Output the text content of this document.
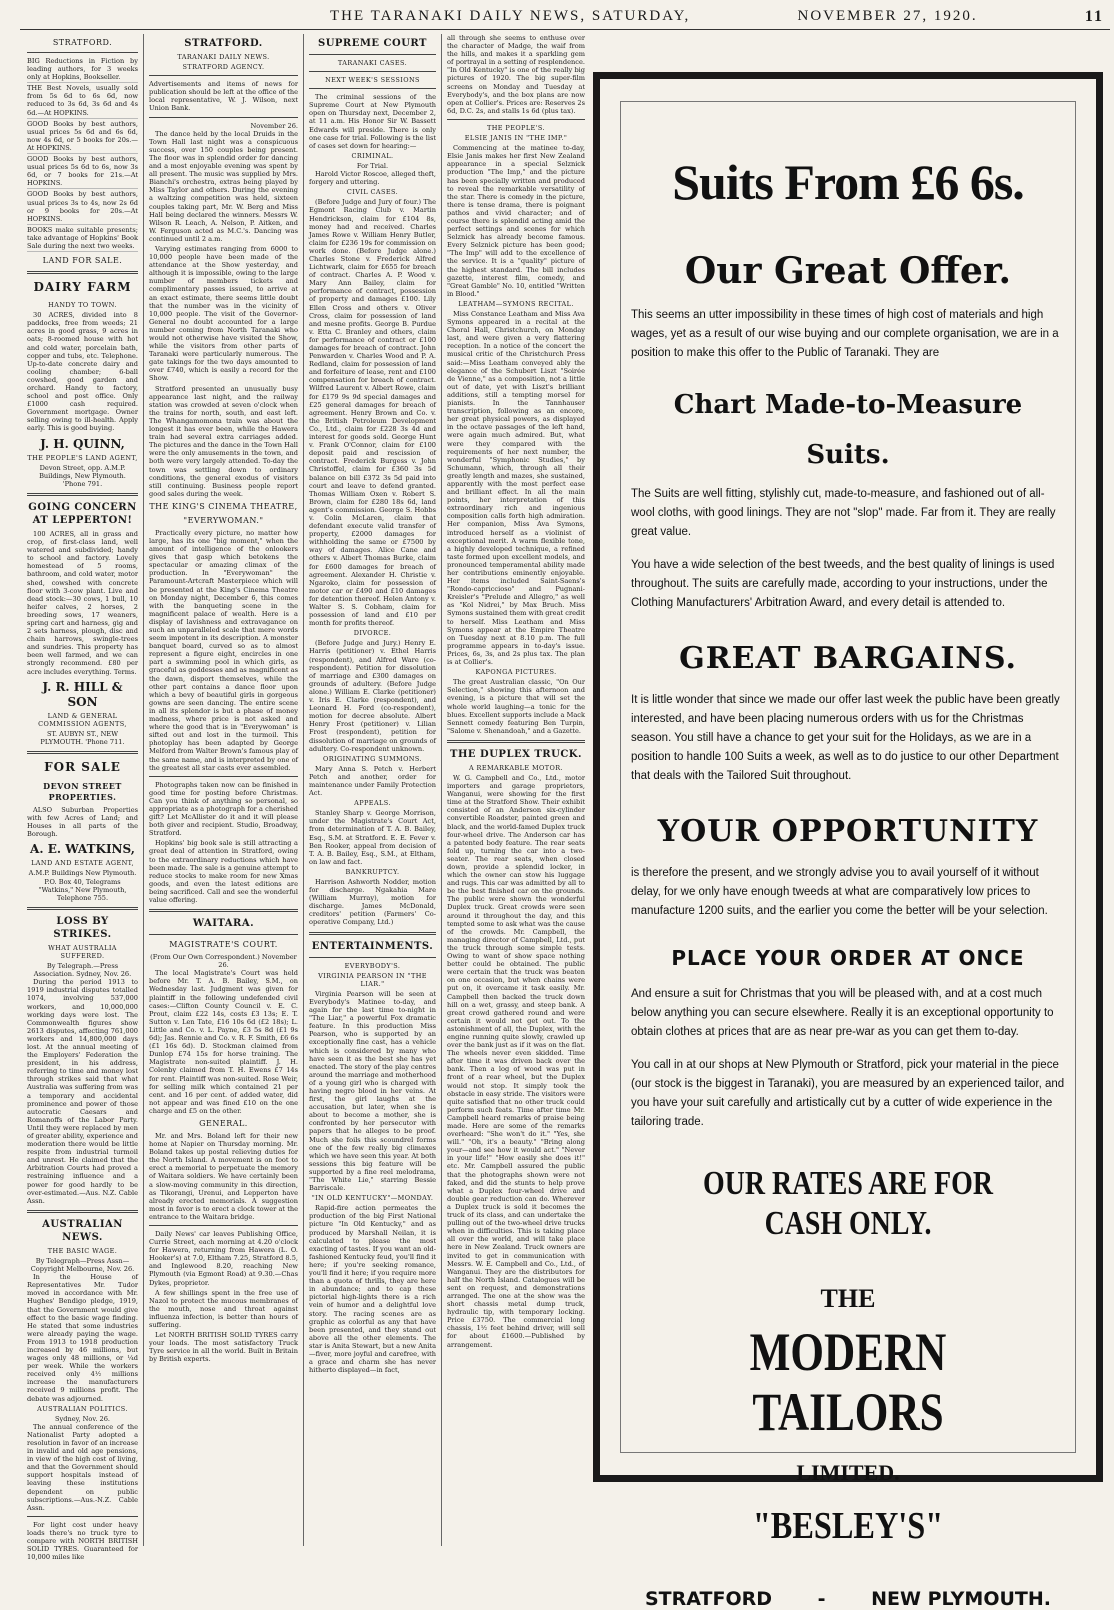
THE TARANAKI DAILY NEWS, SATURDAY,	NOVEMBER 27, 1920.	11
STRATFORD.

BIG Reductions in Fiction by leading authors, for 3 weeks only at Hopkins, Bookseller.

THE Best Novels, usually sold from 5s 6d to 6s 6d, now reduced to 3s 6d, 3s 6d and 4s 6d.—At HOPKINS.

GOOD Books by best authors, usual prices 5s 6d and 6s 6d, now 4s 6d, or 5 books for 20s.—At HOPKINS.

GOOD Books by best authors, usual prices 5s 6d to 6s, now 3s 6d, or 7 books for 21s.—At HOPKINS.

GOOD Books by best authors, usual prices 3s to 4s, now 2s 6d or 9 books for 20s.—At HOPKINS.

BOOKS make suitable presents; take advantage of Hopkins' Book Sale during the next two weeks.

LAND FOR SALE.
DAIRY FARM
HANDY TO TOWN.

30 ACRES, divided into 8 paddocks, free from weeds; 21 acres in good grass, 9 acres in oats; 8-roomed house with hot and cold water, porcelain bath, copper and tubs, etc. Telephone. Up-to-date concrete dairy and cooling chamber; 6-ball cowshed, good garden and orchard. Handy to factory, school and post office. Only £1000 cash required. Government mortgage. Owner selling owing to ill-health. Apply early. This is good buying.

J. H. QUINN,
THE PEOPLE'S LAND AGENT,

Devon Street, opp. A.M.P. Buildings, New Plymouth. 'Phone 791.

GOING CONCERN AT LEPPERTON!

100 ACRES, all in grass and crop, of first-class land, well watered and subdivided; handy to school and factory. Lovely homestead of 5 rooms, bathroom, and cold water, motor shed, cowshed with concrete floor with 3-cow plant. Live and dead stock:—30 cows, 1 bull, 10 heifer calves, 2 horses, 2 breeding sows, 17 weaners, spring cart and harness, gig and 2 sets harness, plough, disc and chain harrows, swingle-trees and sundries. This property has been well farmed, and we can strongly recommend. £80 per acre includes everything. Terms.

J. R. HILL & SON
LAND & GENERAL COMMISSION AGENTS,

ST. AUBYN ST., NEW PLYMOUTH. 'Phone 711.

FOR SALE
DEVON STREET PROPERTIES.

ALSO Suburban Properties with few Acres of Land; and Houses in all parts of the Borough.

A. E. WATKINS,
LAND AND ESTATE AGENT,

A.M.P. Buildings New Plymouth.

P.O. Box 40, Telegrams "Watkins," New Plymouth, Telephone 755.

LOSS BY STRIKES.
WHAT AUSTRALIA SUFFERED.

By Telegraph.—Press Association. Sydney, Nov. 26.

During the period 1913 to 1919 industrial disputes totalled 1074, involving 537,000 workers, and 10,000,000 working days were lost. The Commonwealth figures show 2613 disputes, affecting 761,000 workers and 14,800,000 days lost. At the annual meeting of the Employers' Federation the president, in his address, referring to time and money lost through strikes said that what Australia was suffering from was a temporary and accidental prominence and power of those autocratic Caesars and Romanoffs of the Labor Party. Until they were replaced by men of greater ability, experience and moderation there would be little respite from industrial turmoil and unrest. He claimed that the Arbitration Courts had proved a restraining influence and a power for good hardly to be over-estimated.—Aus. N.Z. Cable Assn.

AUSTRALIAN NEWS.
THE BASIC WAGE.

By Telegraph—Press Assn—Copyright Melbourne, Nov. 26.

In the House of Representatives Mr. Tudor moved in accordance with Mr. Hughes' Bendigo pledge, 1919, that the Government would give effect to the basic wage finding. He stated that some industries were already paying the wage. From 1913 to 1918 production increased by 46 millions, but wages only 48 millions, or ¼d per week. While the workers received only 4½ millions increase the manufacturers received 9 millions profit. The debate was adjourned.

AUSTRALIAN POLITICS.

Sydney, Nov. 26.

The annual conference of the Nationalist Party adopted a resolution in favor of an increase in invalid and old age pensions, in view of the high cost of living, and that the Government should support hospitals instead of leaving these institutions dependent on public subscriptions.—Aus.-N.Z. Cable Assn.

For light cost under heavy loads there's no truck tyre to compare with NORTH BRITISH SOLID TYRES. Guaranteed for 10,000 miles like

STRATFORD.
TARANAKI DAILY NEWS.
STRATFORD AGENCY.

Advertisements and items of news for publication should be left at the office of the local representative, W. J. Wilson, next Union Bank.

November 26.

The dance held by the local Druids in the Town Hall last night was a conspicuous success, over 150 couples being present. The floor was in splendid order for dancing and a most enjoyable evening was spent by all present. The music was supplied by Mrs. Bianchi's orchestra, extras being played by Miss Taylor and others. During the evening a waltzing competition was held, sixteen couples taking part, Mr. W. Berg and Miss Hall being declared the winners. Messrs W. Wilson R. Leach, A. Nelson, P. Aitken, and W. Ferguson acted as M.C.'s. Dancing was continued until 2 a.m.

Varying estimates ranging from 6000 to 10,000 people have been made of the attendance at the Show yesterday, and although it is impossible, owing to the large number of members tickets and complimentary passes issued, to arrive at an exact estimate, there seems little doubt that the number was in the vicinity of 10,000 people. The visit of the Governor-General no doubt accounted for a large number coming from North Taranaki who would not otherwise have visited the Show, while the visitors from other parts of Taranaki were particularly numerous. The gate takings for the two days amounted to over £740, which is easily a record for the Show.

Stratford presented an unusually busy appearance last night, and the railway station was crowded at seven o'clock when the trains for north, south, and east left. The Whangamomona train was about the longest it has ever been, while the Hawera train had several extra carriages added. The pictures and the dance in the Town Hall were the only amusements in the town, and both were very largely attended. To-day the town was settling down to ordinary conditions, the general exodus of visitors still continuing. Business people report good sales during the week.

THE KING'S CINEMA THEATRE,
"EVERYWOMAN."

Practically every picture, no matter how large, has its one "big moment," when the amount of intelligence of the onlookers gives that gasp which betokens the spectacular or amazing climax of the production. In "Everywoman" the Paramount-Artcraft Masterpiece which will be presented at the King's Cinema Theatre on Monday night, December 6, this comes with the banqueting scene in the magnificent palace of wealth. Here is a display of lavishness and extravagance on such an unparalleled scale that mere words seem impotent in its description. A monster banquet board, curved so as to almost represent a figure eight, encircles in one part a swimming pool in which girls, as graceful as goddesses and as magnificent as the dawn, disport themselves, while the other part contains a dance floor upon which a bevy of beautiful girls in gorgeous gowns are seen dancing. The entire scene in all its splendor is but a phase of money madness, where price is not asked and where the good that is in "Everywoman" is sifted out and lost in the turmoil. This photoplay has been adapted by George Melford from Walter Brown's famous play of the same name, and is interpreted by one of the greatest all star casts ever assembled.

Photographs taken now can be finished in good time for posting before Christmas. Can you think of anything so personal, so appropriate as a photograph for a cherished gift? Let McAllister do it and it will please both giver and recipient. Studio, Broadway, Stratford.

Hopkins' big book sale is still attracting a great deal of attention in Stratford, owing to the extraordinary reductions which have been made. The sale is a genuine attempt to reduce stocks to make room for new Xmas goods, and even the latest editions are being sacrificed. Call and see the wonderful value offering.

WAITARA.
MAGISTRATE'S COURT.

(From Our Own Correspondent.) November 26.

The local Magistrate's Court was held before Mr. T. A. B. Bailey, S.M., on Wednesday last. Judgment was given for plaintiff in the following undefended civil cases:—Clifton County Council v. E. C. Prout, claim £22 14s, costs £3 13s; E. T. Sutton v. Len Tate, £16 10s 6d (£2 18s); L. Little and Co. v. L. Payne, £3 5s 8d (£1 9s 6d); Jas. Rennie and Co. v. R. F. Smith, £6 6s (£1 16s 6d). D. Stockman claimed from Dunlop £74 15s for horse training. The Magistrate non-suited plaintiff. J. H. Colenby claimed from T. H. Ewens £7 14s for rent. Plaintiff was non-suited. Rose Weir, for selling milk which contained 21 per cent. and 16 per cent. of added water, did not appear and was fined £10 on the one charge and £5 on the other.

GENERAL.

Mr. and Mrs. Boland left for their new home at Napier on Thursday morning. Mr. Boland takes up postal relieving duties for the North Island. A movement is on foot to erect a memorial to perpetuate the memory of Waitara soldiers. We have certainly been a slow-moving community in this direction, as Tikorangi, Urenui, and Lepperton have already erected memorials. A suggestion most in favor is to erect a clock tower at the entrance to the Waitara bridge.

Daily News' car leaves Publishing Office, Currie Street, each morning at 4.20 o'clock for Hawera, returning from Hawera (L. O. Hooker's) at 7.0, Eltham 7.25, Stratford 8.5, and Inglewood 8.20, reaching New Plymouth (via Egmont Road) at 9.30.—Chas Dykes, proprietor.

A few shillings spent in the free use of Nazol to protect the mucous membranes of the mouth, nose and throat against influenza infection, is better than hours of suffering.

Let NORTH BRITISH SOLID TYRES carry your loads. The most satisfactory Truck Tyre service in all the world. Built in Britain by British experts.

SUPREME COURT
TARANAKI CASES.
NEXT WEEK'S SESSIONS

The criminal sessions of the Supreme Court at New Plymouth open on Thursday next, December 2, at 11 a.m. His Honor Sir W. Bassett Edwards will preside. There is only one case for trial. Following is the list of cases set down for hearing:—

CRIMINAL.

For Trial.

Harold Victor Roscoe, alleged theft, forgery and uttering.

CIVIL CASES.

(Before Judge and Jury of four.) The Egmont Racing Club v. Martin Hendrickson, claim for £104 8s, money had and received. Charles James Rowe v. William Henry Butler, claim for £236 19s for commission on work done. (Before Judge alone.) Charles Stone v. Frederick Alfred Lichtwark, claim for £655 for breach of contract. Charles A. P. Wood v. Mary Ann Bailey, claim for performance of contract, possession of property and damages £100. Lily Ellen Cross and others v. Oliver Cross, claim for possession of land and mesne profits. George B. Purdue v. Etta C. Branley and others, claim for performance of contract or £100 damages for breach of contract. John Penwarden v. Charles Wood and P. A. Redland, claim for possession of land and forfeiture of lease, rent and £100 compensation for breach of contract. Wilfred Laurent v. Albert Rowe, claim for £179 9s 9d special damages and £25 general damages for breach of agreement. Henry Brown and Co. v. the British Petroleum Development Co., Ltd., claim for £228 3s 4d and interest for goods sold. George Hunt v. Frank O'Connor, claim for £100 deposit paid and rescission of contract. Frederick Burgess v. John Christoffel, claim for £360 3s 5d balance on bill £372 3s 5d paid into court and leave to defend granted. Thomas William Oxen v. Robert S. Brown, claim for £280 18s 6d, land agent's commission. George S. Hobbs v. Colin McLaren, claim that defendant execute valid transfer of property, £2000 damages for withholding the same or £7500 by way of damages. Alice Cane and others v. Albert Thomas Burke, claim for £600 damages for breach of agreement. Alexander H. Christie v. Ngaroko, claim for possession of motor car or £490 and £10 damages for detention thereof. Helen Antony v. Walter S. S. Cobham, claim for possession of land and £10 per month for profits thereof.

DIVORCE.

(Before Judge and Jury.) Henry E. Harris (petitioner) v. Ethel Harris (respondent), and Alfred Ware (co-respondent). Petition for dissolution of marriage and £300 damages on grounds of adultery. (Before Judge alone.) William E. Clarke (petitioner) v. Iris E. Clarke (respondent), and Leonard H. Ford (co-respondent), motion for decree absolute. Albert Henry Frost (petitioner) v. Lilian Frost (respondent), petition for dissolution of marriage on grounds of adultery. Co-respondent unknown.

ORIGINATING SUMMONS.

Mary Anna S. Petch v. Herbert Petch and another, order for maintenance under Family Protection Act.

APPEALS.

Stanley Sharp v. George Morrison, under the Magistrate's Court Act, from determination of T. A. B. Bailey, Esq., S.M. at Stratford. E. E. Fever v. Ben Rooker, appeal from decision of T. A. B. Bailey, Esq., S.M., at Eltham, on law and fact.

BANKRUPTCY.

Harrison Ashworth Nodder, motion for discharge. Ngakahia Mare (William Murray), motion for discharge. James McDonald, creditors' petition (Farmers' Co-operative Company, Ltd.)

ENTERTAINMENTS.
EVERYBODY'S.
VIRGINIA PEARSON IN "THE LIAR."

Virginia Pearson will be seen at Everybody's Matinee to-day, and again for the last time to-night in "The Liar," a powerful Fox dramatic feature. In this production Miss Pearson, who is supported by an exceptionally fine cast, has a vehicle which is considered by many who have seen it as the best she has yet enacted. The story of the play centres around the marriage and motherhood of a young girl who is charged with having negro blood in her veins. At first, the girl laughs at the accusation, but later, when she is about to become a mother, she is confronted by her persecutor with papers that he alleges to be proof. Much she foils this scoundrel forms one of the few really big climaxes which we have seen this year. At both sessions this big feature will be supported by a fine reel melodrama, "The White Lie," starring Bessie Barriscale.

"IN OLD KENTUCKY"—MONDAY.

Rapid-fire action permeates the production of the big First National picture "In Old Kentucky," and as produced by Marshall Neilan, it is calculated to please the most exacting of tastes. If you want an old-fashioned Kentucky feud, you'll find it here; if you're seeking romance, you'll find it here; if you require more than a quota of thrills, they are here in abundance; and to cap these pictorial high-lights there is a rich vein of humor and a delightful love story. The racing scenes are as graphic as colorful as any that have been presented, and they stand out above all the other elements. The star is Anita Stewart, but a new Anita—fiver, more joyful and carefree, with a grace and charm she has never hitherto displayed—in fact,

all through she seems to enthuse over the character of Madge, the waif from the hills, and makes it a sparkling gem of portrayal in a setting of resplendence. "In Old Kentucky" is one of the really big pictures of 1920. The big super-film screens on Monday and Tuesday at Everybody's, and the box plans are now open at Collier's. Prices are: Reserves 2s 6d, D.C. 2s, and stalls 1s 6d (plus tax).

THE PEOPLE'S.
ELSIE JANIS IN "THE IMP."

Commencing at the matinee to-day, Elsie Janis makes her first New Zealand appearance in a special Selznick production "The Imp," and the picture has been specially written and produced to reveal the remarkable versatility of the star. There is comedy in the picture, there is tense drama, there is poignant pathos and vivid character; and of course there is splendid acting amid the perfect settings and scenes for which Selznick has already become famous. Every Selznick picture has been good; "The Imp" will add to the excellence of the service. It is a "quality" picture of the highest standard. The bill includes gazette, interest film, comedy, and "Great Gamble" No. 10, entitled "Written in Blood."

LEATHAM—SYMONS RECITAL.

Miss Constance Leatham and Miss Ava Symons appeared in a recital at the Choral Hall, Christchurch, on Monday last, and were given a very flattering reception. In a notice of the concert the musical critic of the Christchurch Press said:—Miss Leatham conveyed ably the elegance of the Schubert Liszt "Soirée de Vienne," as a composition, not a little out of date, yet with Liszt's brilliant additions, still a tempting morsel for pianists. In the Tannhauser transcription, following as an encore, her great physical powers, as displayed in the octave passages of the left hand, were again much admired. But, what were they compared with the requirements of her next number, the wonderful "Symphonic Studies," by Schumann, which, through all their greatly length and mazes, she sustained, apparently with the most perfect ease and brilliant effect. In all the main points, her interpretation of this extraordinary rich and ingenious composition calls forth high admiration. Her companion, Miss Ava Symons, introduced herself as a violinist of exceptional merit. A warm flexible tone, a highly developed technique, a refined taste formed upon excellent models, and pronounced temperamental ability made her contributions eminently enjoyable. Her items included Saint-Saens's "Rondo-capriccioso" and Pugnani-Kreisler's "Prelude and Allegro," as well as "Kol Nidrei," by Max Bruch. Miss Symons sustained them with great credit to herself. Miss Leatham and Miss Symons appear at the Empire Theatre on Tuesday next at 8.10 p.m. The full programme appears in to-day's issue. Prices, 6s, 3s, and 2s plus tax. The plan is at Collier's.

KAPONGA PICTURES.

The great Australian classic, "On Our Selection," showing this afternoon and evening, is a picture that will set the whole world laughing—a tonic for the blues. Excellent supports include a Mack Sennett comedy featuring Ben Turpin, "Salome v. Shenandoah," and a Gazette.

THE DUPLEX TRUCK.
A REMARKABLE MOTOR.

W. G. Campbell and Co., Ltd., motor importers and garage proprietors, Wanganui, were showing for the first time at the Stratford Show. Their exhibit consisted of an Anderson six-cylinder convertible Roadster, painted green and black, and the world-famed Duplex truck four-wheel drive. The Anderson car has a patented body feature. The rear seats fold up, turning the car into a two-seater. The rear seats, when closed down, provide a splendid locker, in which the owner can stow his luggage and rugs. This car was admitted by all to be the best finished car on the grounds. The public were shown the wonderful Duplex truck. Great crowds were seen around it throughout the day, and this tempted some to ask what was the cause of the crowds. Mr. Campbell, the managing director of Campbell, Ltd., put the truck through some simple tests. Owing to want of show space nothing better could be obtained. The public were certain that the truck was beaten on one occasion, but when chains were put on, it overcame it task easily. Mr. Campbell then backed the truck down hill on a wet, grassy, and steep bank. A great crowd gathered round and were certain it would not get out. To the astonishment of all, the Duplex, with the engine running quite slowly, crawled up over the bank just as if it was on the flat. The wheels never even skidded. Time after time it was driven back over the bank. Then a log of wood was put in front of a rear wheel, but the Duplex would not stop. It simply took the obstacle in easy stride. The visitors were quite satisfied that no other truck could perform such feats. Time after time Mr. Campbell heard remarks of praise being made. Here are some of the remarks overheard: "She won't do it." "Yes, she will." "Oh, it's a beauty." "Bring along your—and see how it would act." "Never in your life!" "How easily she does it!" etc. Mr. Campbell assured the public that the photographs shown were not faked, and did the stunts to help prove what a Duplex four-wheel drive and double gear reduction can do. Wherever a Duplex truck is sold it becomes the truck of its class, and can undertake the pulling out of the two-wheel drive trucks when in difficulties. This is taking place all over the world, and will take place here in New Zealand. Truck owners are invited to get in communication with Messrs. W. E. Campbell and Co., Ltd., of Wanganui. They are the distributors for half the North Island. Catalogues will be sent on request, and demonstrations arranged. The one at the show was the short chassis metal dump truck, hydraulic tip, with temporary locking. Price £3750. The commercial long chassis, 1½ feet behind driver, will sell for about £1600.—Published by arrangement.

Suits From £6 6s.
Our Great Offer.

This seems an utter impossibility in these times of high cost of materials and high wages, yet as a result of our wise buying and our complete organisation, we are in a position to make this offer to the Public of Taranaki. They are

Chart Made-to-Measure
Suits.

The Suits are well fitting, stylishly cut, made-to-measure, and fashioned out of all-wool cloths, with good linings. They are not "slop" made. Far from it. They are really great value.

You have a wide selection of the best tweeds, and the best quality of linings is used throughout. The suits are carefully made, according to your instructions, under the Clothing Manufacturers' Arbitration Award, and every detail is attended to.

GREAT BARGAINS.

It is little wonder that since we made our offer last week the public have been greatly interested, and have been placing numerous orders with us for the Christmas season. You still have a chance to get your suit for the Holidays, as we are in a position to handle 100 Suits a week, as well as to do justice to our other Department that deals with the Tailored Suit throughout.

YOUR OPPORTUNITY

is therefore the present, and we strongly advise you to avail yourself of it without delay, for we only have enough tweeds at what are comparatively low prices to manufacture 1200 suits, and the earlier you come the better will be your selection.

PLACE YOUR ORDER AT ONCE

And ensure a suit for Christmas that you will be pleased with, and at a cost much below anything you can secure elsewhere. Really it is an exceptional opportunity to obtain clothes at prices that are as near pre-war as you can get them to-day.

You call in at our shops at New Plymouth or Stratford, pick your material in the piece (our stock is the biggest in Taranaki), you are measured by an experienced tailor, and you have your suit carefully and artistically cut by a cutter of wide experience in the tailoring trade.

OUR RATES ARE FOR CASH ONLY.
THE
MODERN TAILORS
LIMITED.
"BESLEY'S"
STRATFORD - NEW PLYMOUTH.
